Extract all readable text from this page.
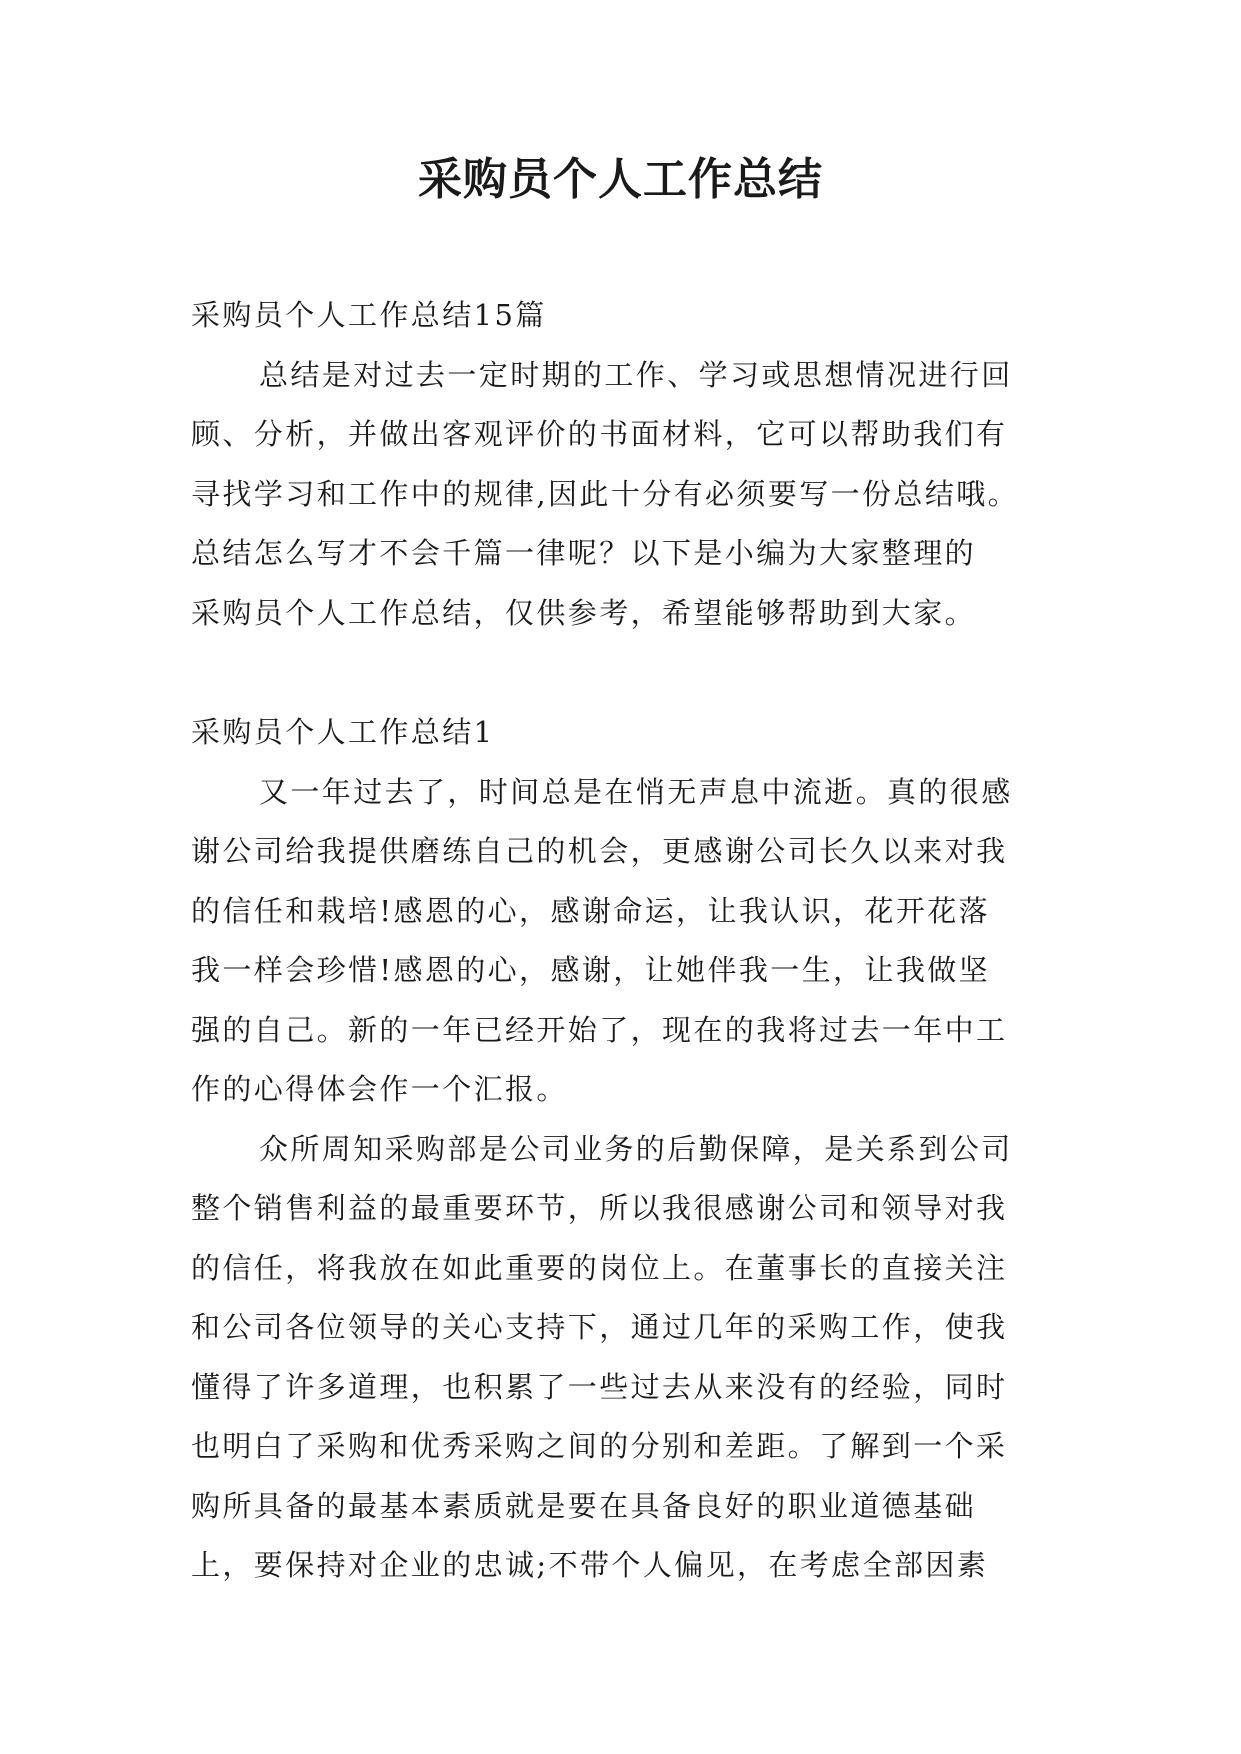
采购员个人工作总结
采购员个人工作总结15篇
总结是对过去一定时期的工作、学习或思想情况进行回
顾、分析，并做出客观评价的书面材料，它可以帮助我们有
寻找学习和工作中的规律,因此十分有必须要写一份总结哦。
总结怎么写才不会千篇一律呢？以下是小编为大家整理的
采购员个人工作总结，仅供参考，希望能够帮助到大家。
采购员个人工作总结1
又一年过去了，时间总是在悄无声息中流逝。真的很感
谢公司给我提供磨练自己的机会，更感谢公司长久以来对我
的信任和栽培!感恩的心，感谢命运，让我认识，花开花落
我一样会珍惜!感恩的心，感谢，让她伴我一生，让我做坚
强的自己。新的一年已经开始了，现在的我将过去一年中工
作的心得体会作一个汇报。
众所周知采购部是公司业务的后勤保障，是关系到公司
整个销售利益的最重要环节，所以我很感谢公司和领导对我
的信任，将我放在如此重要的岗位上。在董事长的直接关注
和公司各位领导的关心支持下，通过几年的采购工作，使我
懂得了许多道理，也积累了一些过去从来没有的经验，同时
也明白了采购和优秀采购之间的分别和差距。了解到一个采
购所具备的最基本素质就是要在具备良好的职业道德基础
上，要保持对企业的忠诚;不带个人偏见，在考虑全部因素
